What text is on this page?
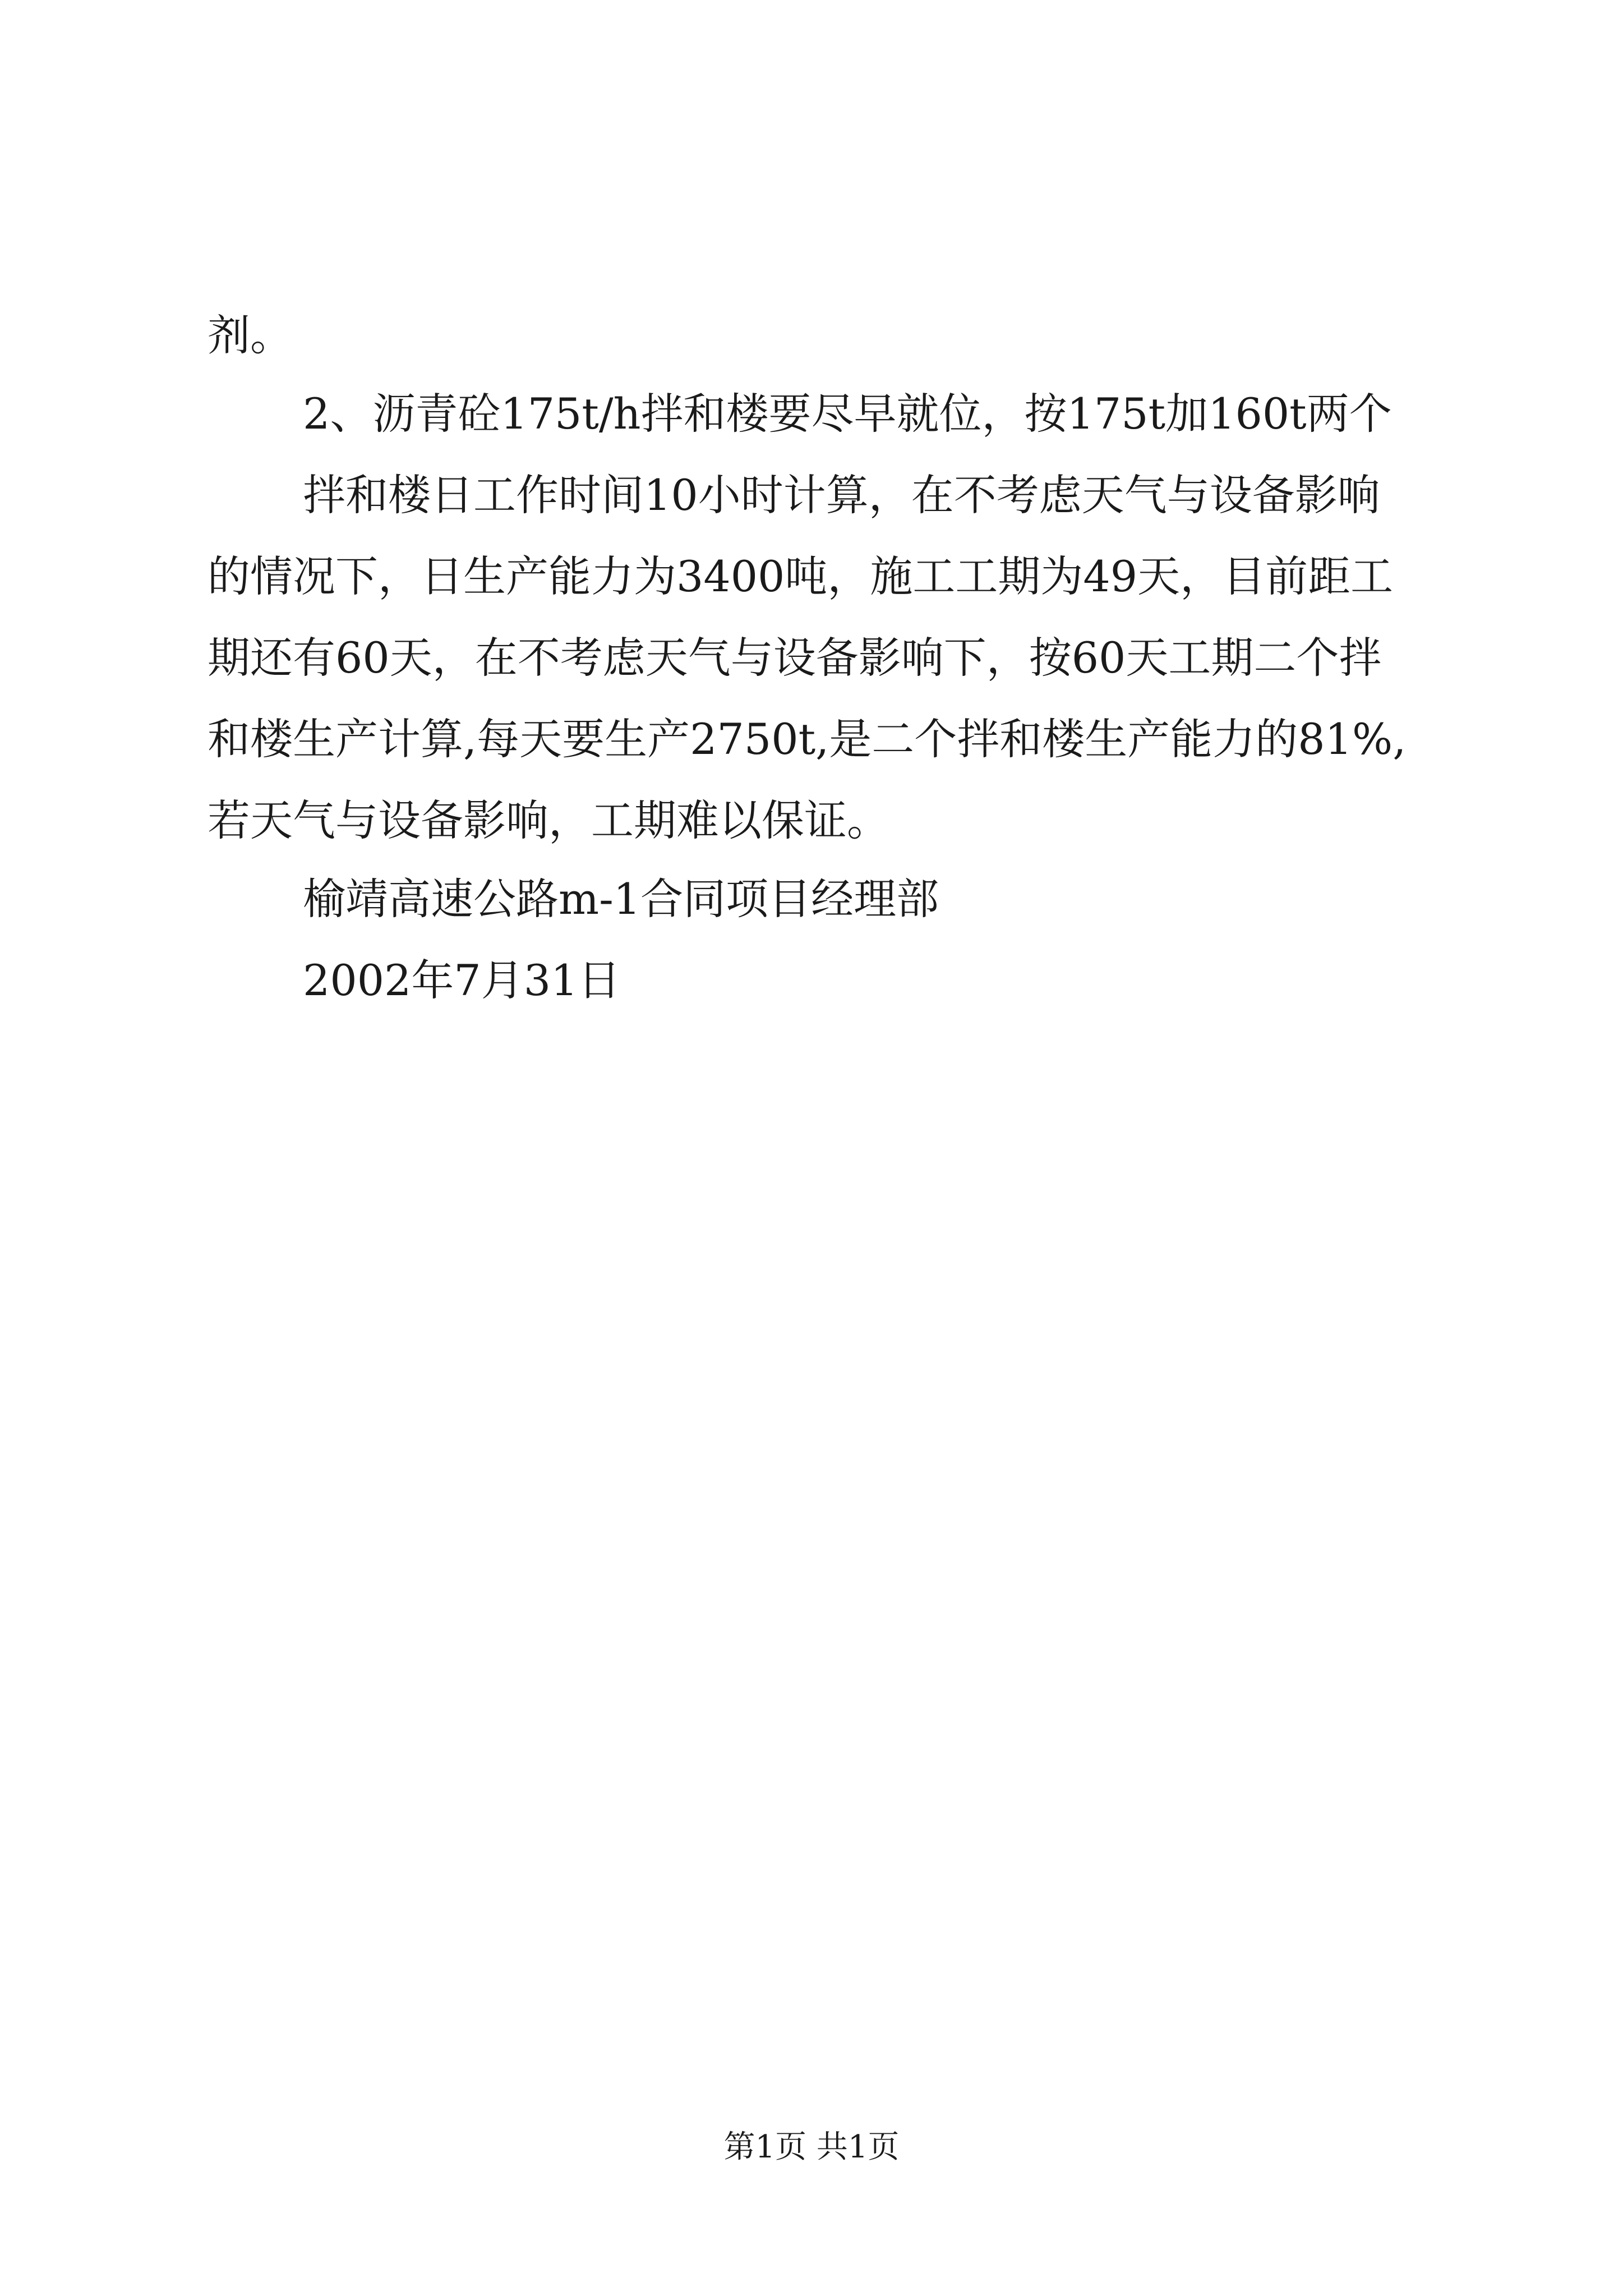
剂。
2、沥青砼175t/h拌和楼要尽早就位，按175t加160t两个
拌和楼日工作时间10小时计算，在不考虑天气与设备影响
的情况下，日生产能力为3400吨，施工工期为49天，目前距工
期还有60天，在不考虑天气与设备影响下，按60天工期二个拌
和楼生产计算,每天要生产2750t,是二个拌和楼生产能力的81%,
若天气与设备影响，工期难以保证。
榆靖高速公路m-1合同项目经理部
2002年7月31日
第1页 共1页
